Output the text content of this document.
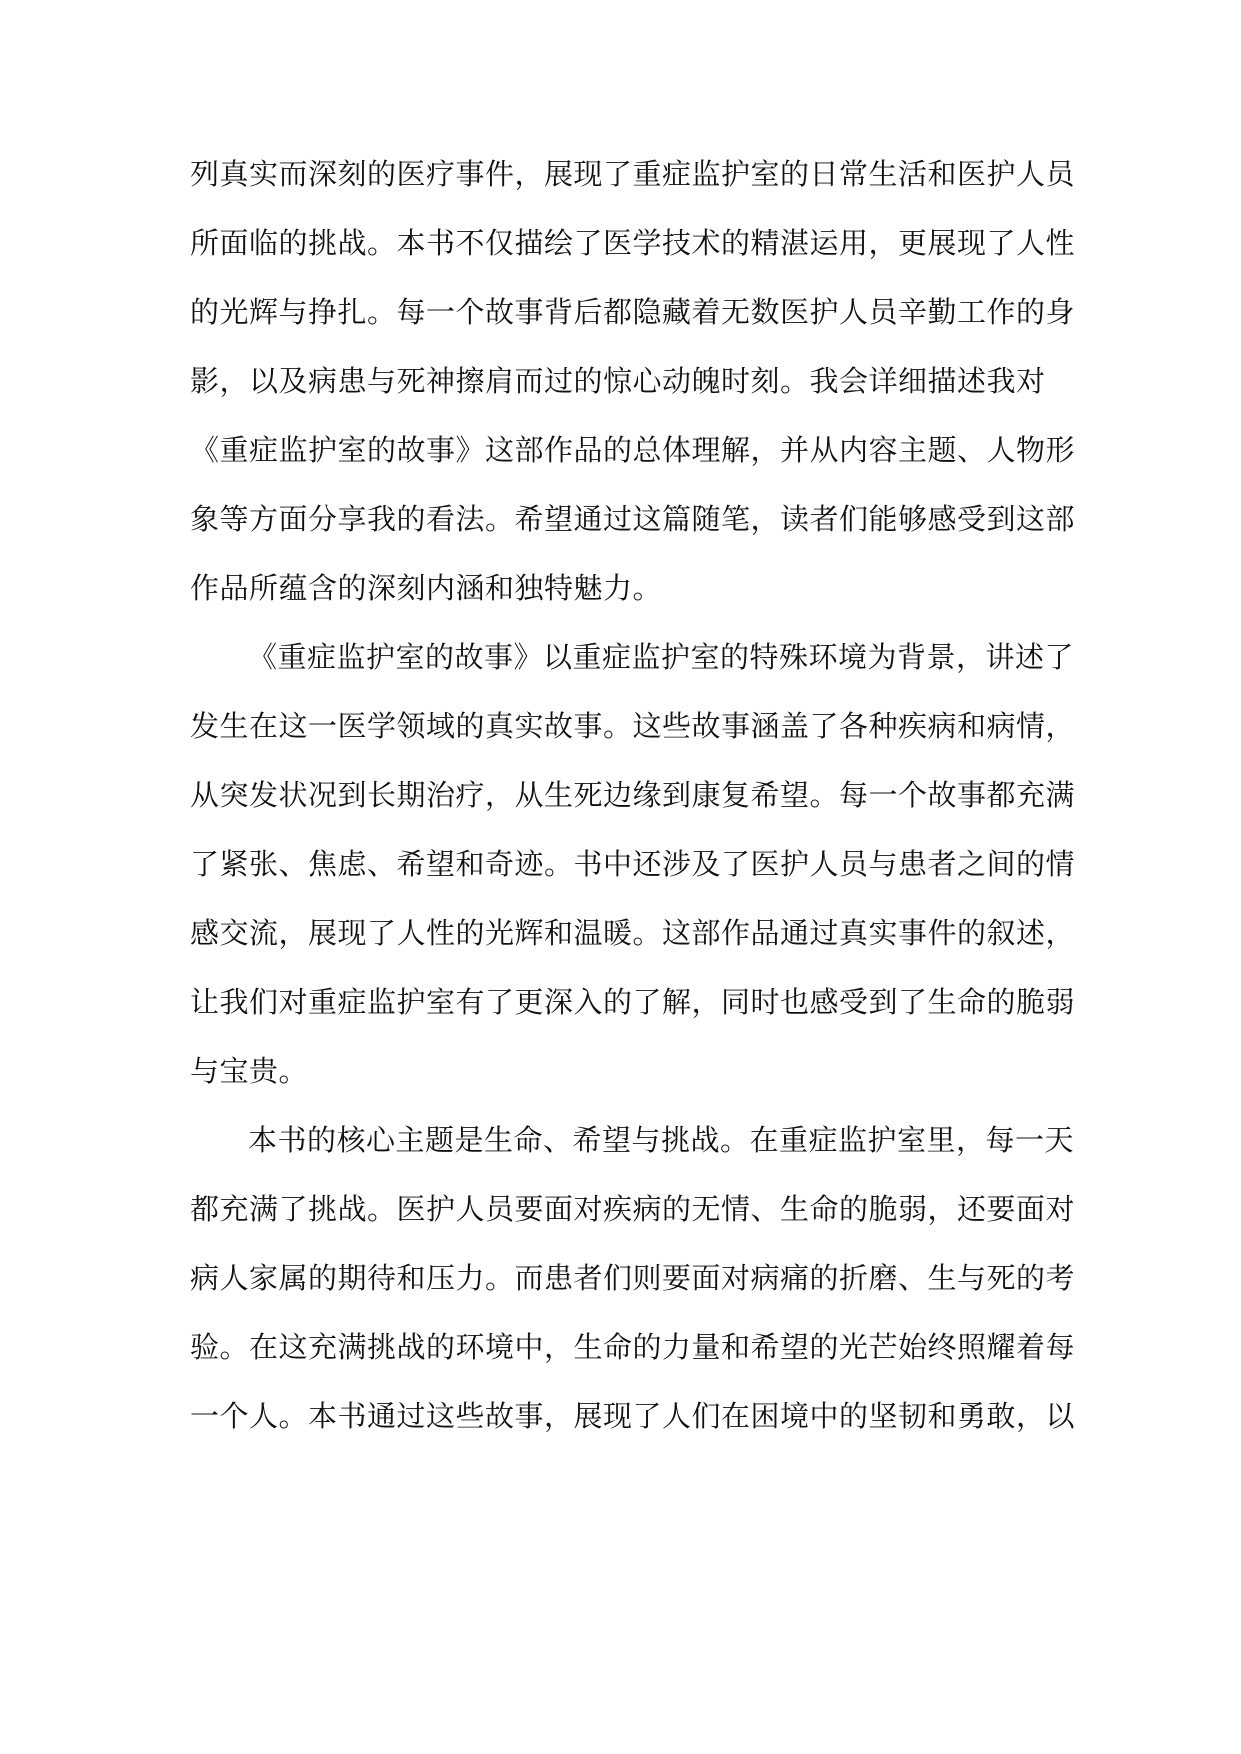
列真实而深刻的医疗事件，展现了重症监护室的日常生活和医护人员
所面临的挑战。本书不仅描绘了医学技术的精湛运用，更展现了人性
的光辉与挣扎。每一个故事背后都隐藏着无数医护人员辛勤工作的身
影，以及病患与死神擦肩而过的惊心动魄时刻。我会详细描述我对
《重症监护室的故事》这部作品的总体理解，并从内容主题、人物形
象等方面分享我的看法。希望通过这篇随笔，读者们能够感受到这部
作品所蕴含的深刻内涵和独特魅力。
《重症监护室的故事》以重症监护室的特殊环境为背景，讲述了
发生在这一医学领域的真实故事。这些故事涵盖了各种疾病和病情，
从突发状况到长期治疗，从生死边缘到康复希望。每一个故事都充满
了紧张、焦虑、希望和奇迹。书中还涉及了医护人员与患者之间的情
感交流，展现了人性的光辉和温暖。这部作品通过真实事件的叙述，
让我们对重症监护室有了更深入的了解，同时也感受到了生命的脆弱
与宝贵。
本书的核心主题是生命、希望与挑战。在重症监护室里，每一天
都充满了挑战。医护人员要面对疾病的无情、生命的脆弱，还要面对
病人家属的期待和压力。而患者们则要面对病痛的折磨、生与死的考
验。在这充满挑战的环境中，生命的力量和希望的光芒始终照耀着每
一个人。本书通过这些故事，展现了人们在困境中的坚韧和勇敢，以
